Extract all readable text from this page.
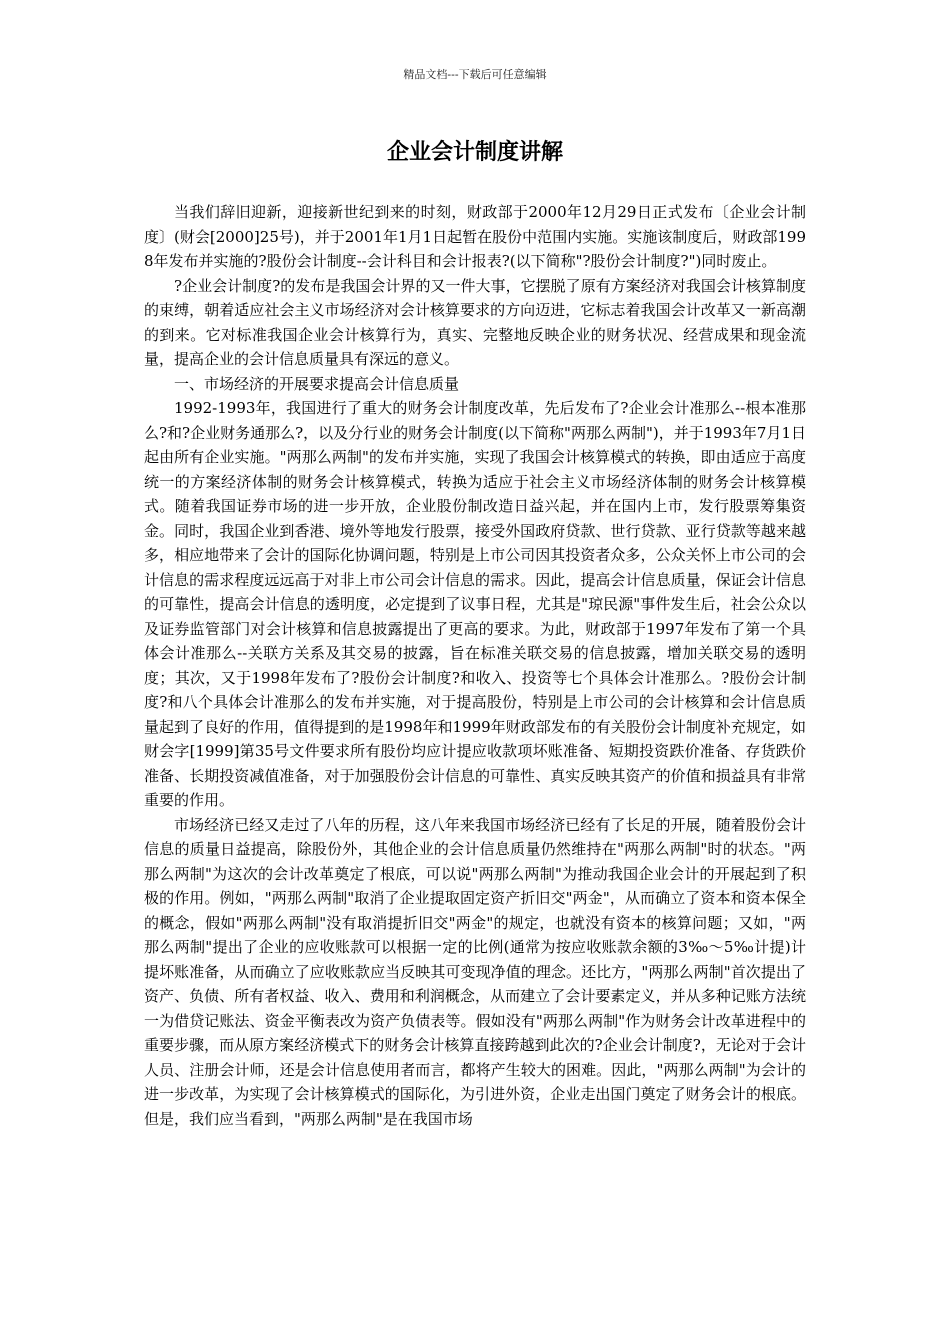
精品文档---下载后可任意编辑
企业会计制度讲解

当我们辞旧迎新，迎接新世纪到来的时刻，财政部于2000年12月29日正式发布〔企业会计制度〕(财会[2000]25号)，并于2001年1月1日起暂在股份中范围内实施。实施该制度后，财政部1998年发布并实施的?股份会计制度--会计科目和会计报表?(以下简称"?股份会计制度?")同时废止。

?企业会计制度?的发布是我国会计界的又一件大事，它摆脱了原有方案经济对我国会计核算制度的束缚，朝着适应社会主义市场经济对会计核算要求的方向迈进，它标志着我国会计改革又一新高潮的到来。它对标准我国企业会计核算行为，真实、完整地反映企业的财务状况、经营成果和现金流量，提高企业的会计信息质量具有深远的意义。

一、市场经济的开展要求提高会计信息质量

1992-1993年，我国进行了重大的财务会计制度改革，先后发布了?企业会计准那么--根本准那么?和?企业财务通那么?，以及分行业的财务会计制度(以下简称"两那么两制")，并于1993年7月1日起由所有企业实施。"两那么两制"的发布并实施，实现了我国会计核算模式的转换，即由适应于高度统一的方案经济体制的财务会计核算模式，转换为适应于社会主义市场经济体制的财务会计核算模式。随着我国证券市场的进一步开放，企业股份制改造日益兴起，并在国内上市，发行股票筹集资金。同时，我国企业到香港、境外等地发行股票，接受外国政府贷款、世行贷款、亚行贷款等越来越多，相应地带来了会计的国际化协调问题，特别是上市公司因其投资者众多，公众关怀上市公司的会计信息的需求程度远远高于对非上市公司会计信息的需求。因此，提高会计信息质量，保证会计信息的可靠性，提高会计信息的透明度，必定提到了议事日程，尤其是"琼民源"事件发生后，社会公众以及证券监管部门对会计核算和信息披露提出了更高的要求。为此，财政部于1997年发布了第一个具体会计准那么--关联方关系及其交易的披露，旨在标准关联交易的信息披露，增加关联交易的透明度；其次，又于1998年发布了?股份会计制度?和收入、投资等七个具体会计准那么。?股份会计制度?和八个具体会计准那么的发布并实施，对于提高股份，特别是上市公司的会计核算和会计信息质量起到了良好的作用，值得提到的是1998年和1999年财政部发布的有关股份会计制度补充规定，如财会字[1999]第35号文件要求所有股份均应计提应收款项坏账准备、短期投资跌价准备、存货跌价准备、长期投资减值准备，对于加强股份会计信息的可靠性、真实反映其资产的价值和损益具有非常重要的作用。

市场经济已经又走过了八年的历程，这八年来我国市场经济已经有了长足的开展，随着股份会计信息的质量日益提高，除股份外，其他企业的会计信息质量仍然维持在"两那么两制"时的状态。"两那么两制"为这次的会计改革奠定了根底，可以说"两那么两制"为推动我国企业会计的开展起到了积极的作用。例如，"两那么两制"取消了企业提取固定资产折旧交"两金"，从而确立了资本和资本保全的概念，假如"两那么两制"没有取消提折旧交"两金"的规定，也就没有资本的核算问题；又如，"两那么两制"提出了企业的应收账款可以根据一定的比例(通常为按应收账款余额的3‰～5‰计提)计提坏账准备，从而确立了应收账款应当反映其可变现净值的理念。还比方，"两那么两制"首次提出了资产、负债、所有者权益、收入、费用和利润概念，从而建立了会计要素定义，并从多种记账方法统一为借贷记账法、资金平衡表改为资产负债表等。假如没有"两那么两制"作为财务会计改革进程中的重要步骤，而从原方案经济模式下的财务会计核算直接跨越到此次的?企业会计制度?，无论对于会计人员、注册会计师，还是会计信息使用者而言，都将产生较大的困难。因此，"两那么两制"为会计的进一步改革，为实现了会计核算模式的国际化，为引进外资，企业走出国门奠定了财务会计的根底。但是，我们应当看到，"两那么两制"是在我国市场
